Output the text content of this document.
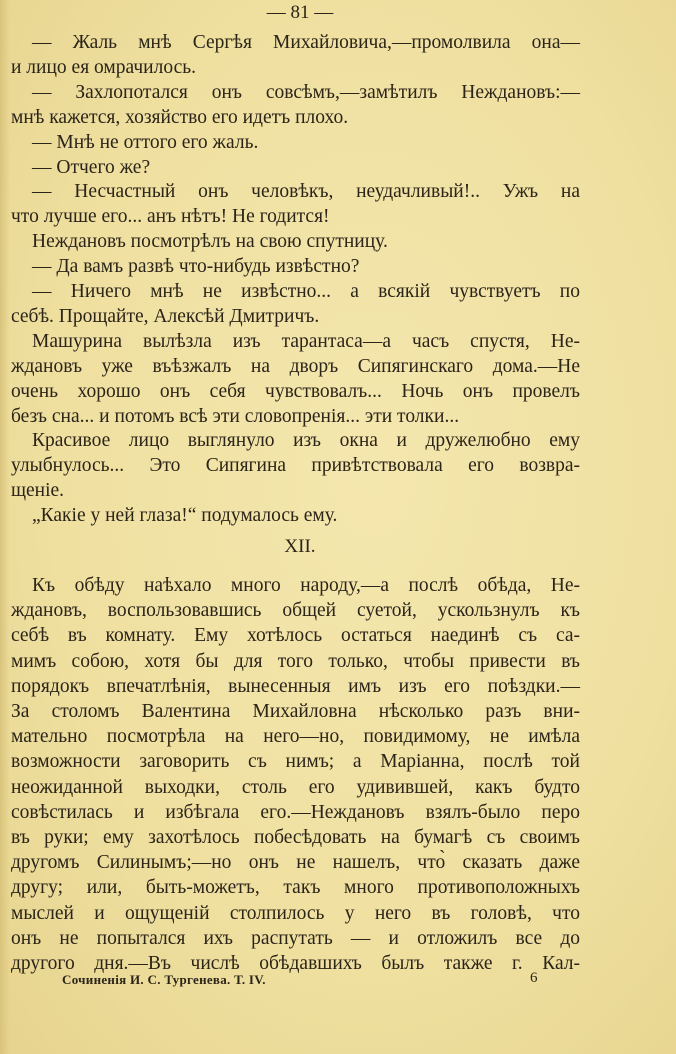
— 81 —
— Жаль мнѣ Сергѣя Михайловича,—промолвила она—
и лицо ея омрачилось.
— Захлопотался онъ совсѣмъ,—замѣтилъ Неждановъ:—
мнѣ кажется, хозяйство его идетъ плохо.
— Мнѣ не оттого его жаль.
— Отчего же?
— Несчастный онъ человѣкъ, неудачливый!.. Ужъ на
что лучше его... анъ нѣтъ! Не годится!
Неждановъ посмотрѣлъ на свою спутницу.
— Да вамъ развѣ что-нибудь извѣстно?
— Ничего мнѣ не извѣстно... а всякій чувствуетъ по
себѣ. Прощайте, Алексѣй Дмитричъ.
Машурина вылѣзла изъ тарантаса—а часъ спустя, Не-
ждановъ уже въѣзжалъ на дворъ Сипягинскаго дома.—Не
очень хорошо онъ себя чувствовалъ... Ночь онъ провелъ
безъ сна... и потомъ всѣ эти словопренія... эти толки...
Красивое лицо выглянуло изъ окна и дружелюбно ему
улыбнулось... Это Сипягина привѣтствовала его возвра-
щеніе.
„Какіе у ней глаза!“ подумалось ему.
XII.
Къ обѣду наѣхало много народу,—а послѣ обѣда, Не-
ждановъ, воспользовавшись общей суетой, ускользнулъ къ
себѣ въ комнату. Ему хотѣлось остаться наединѣ съ са-
мимъ собою, хотя бы для того только, чтобы привести въ
порядокъ впечатлѣнія, вынесенныя имъ изъ его поѣздки.—
За столомъ Валентина Михайловна нѣсколько разъ вни-
мательно посмотрѣла на него—но, повидимому, не имѣла
возможности заговорить съ нимъ; а Маріанна, послѣ той
неожиданной выходки, столь его удивившей, какъ будто
совѣстилась и избѣгала его.—Неждановъ взялъ-было перо
въ руки; ему захотѣлось побесѣдовать на бумагѣ съ своимъ
другомъ Силинымъ;—но онъ не нашелъ, что̀ сказать даже
другу; или, быть-можетъ, такъ много противоположныхъ
мыслей и ощущеній столпилось у него въ головѣ, что
онъ не попытался ихъ распутать — и отложилъ все до
другого дня.—Въ числѣ обѣдавшихъ былъ также г. Кал-
Сочиненія И. С. Тургенева. Т. IV.	6
